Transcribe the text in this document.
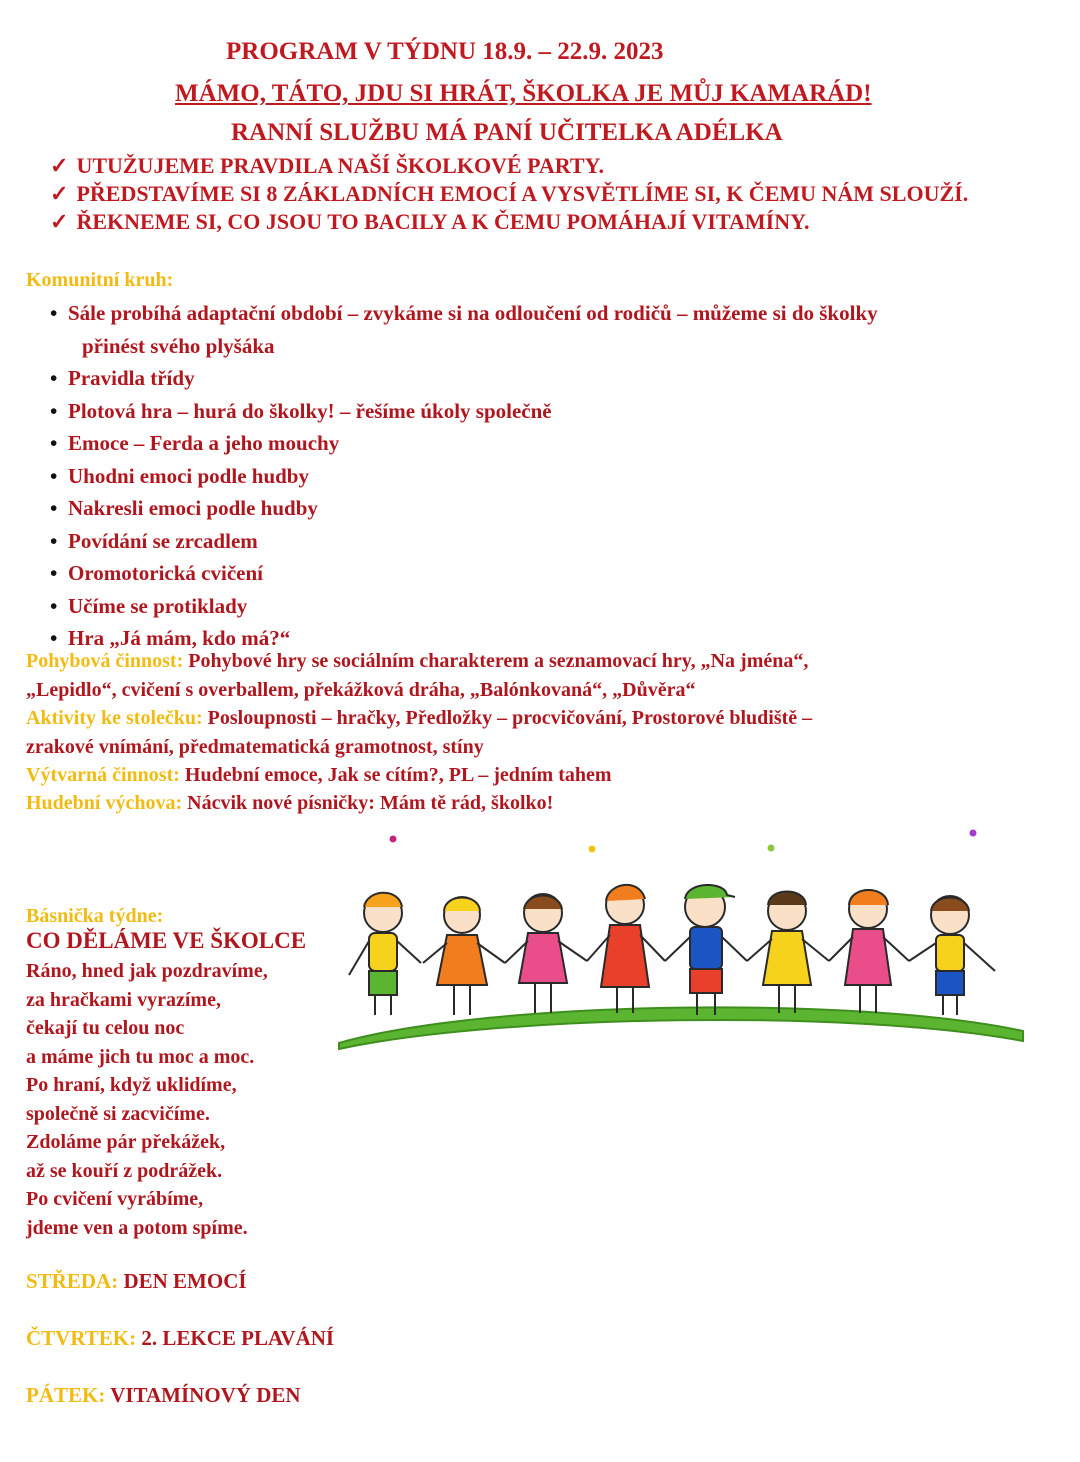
PROGRAM V TÝDNU 18.9. – 22.9. 2023
MÁMO, TÁTO, JDU SI HRÁT, ŠKOLKA JE MŮJ KAMARÁD!
RANNÍ SLUŽBU MÁ PANÍ UČITELKA ADÉLKA
✓ UTUŽUJEME PRAVDILA NAŠÍ ŠKOLKOVÉ PARTY.
✓ PŘEDSTAVÍME SI 8 ZÁKLADNÍCH EMOCÍ A VYSVĚTLÍME SI, K ČEMU NÁM SLOUŽÍ.
✓ ŘEKNEME SI, CO JSOU TO BACILY A K ČEMU POMÁHAJÍ VITAMÍNY.
Komunitní kruh:
• Sále probíhá adaptační období – zvykáme si na odloučení od rodičů – můžeme si do školky
přinést svého plyšáka
• Pravidla třídy
• Plotová hra – hurá do školky! – řešíme úkoly společně
• Emoce – Ferda a jeho mouchy
• Uhodni emoci podle hudby
• Nakresli emoci podle hudby
• Povídání se zrcadlem
• Oromotorická cvičení
• Učíme se protiklady
• Hra „Já mám, kdo má?“
Pohybová činnost: Pohybové hry se sociálním charakterem a seznamovací hry, „Na jména“,
„Lepidlo“, cvičení s overballem, překážková dráha, „Balónkovaná“, „Důvěra“
Aktivity ke stolečku: Posloupnosti – hračky, Předložky – procvičování, Prostorové bludiště –
zrakové vnímání, předmatematická gramotnost, stíny
Výtvarná činnost: Hudební emoce, Jak se cítím?, PL – jedním tahem
Hudební výchova: Nácvik nové písničky: Mám tě rád, školko!
Básnička týdne:
CO DĚLÁME VE ŠKOLCE
Ráno, hned jak pozdravíme,
za hračkami vyrazíme,
čekají tu celou noc
a máme jich tu moc a moc.
Po hraní, když uklidíme,
společně si zacvičíme.
Zdoláme pár překážek,
až se kouří z podrážek.
Po cvičení vyrábíme,
jdeme ven a potom spíme.
STŘEDA: DEN EMOCÍ
ČTVRTEK: 2. LEKCE PLAVÁNÍ
PÁTEK: VITAMÍNOVÝ DEN
